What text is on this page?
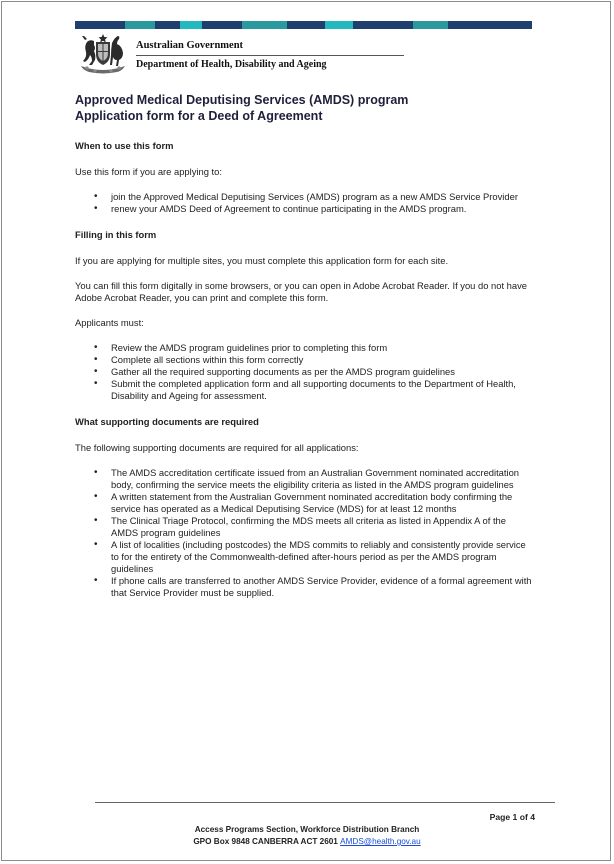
Australian Government
Department of Health, Disability and Ageing
Approved Medical Deputising Services (AMDS) program
Application form for a Deed of Agreement
When to use this form

Use this form if you are applying to:

• join the Approved Medical Deputising Services (AMDS) program as a new AMDS Service Provider
• renew your AMDS Deed of Agreement to continue participating in the AMDS program.
Filling in this form

If you are applying for multiple sites, you must complete this application form for each site.

You can fill this form digitally in some browsers, or you can open in Adobe Acrobat Reader. If you do not have Adobe Acrobat Reader, you can print and complete this form.

Applicants must:

• Review the AMDS program guidelines prior to completing this form
• Complete all sections within this form correctly
• Gather all the required supporting documents as per the AMDS program guidelines
• Submit the completed application form and all supporting documents to the Department of Health, Disability and Ageing for assessment.
What supporting documents are required

The following supporting documents are required for all applications:

• The AMDS accreditation certificate issued from an Australian Government nominated accreditation body, confirming the service meets the eligibility criteria as listed in the AMDS program guidelines
• A written statement from the Australian Government nominated accreditation body confirming the service has operated as a Medical Deputising Service (MDS) for at least 12 months
• The Clinical Triage Protocol, confirming the MDS meets all criteria as listed in Appendix A of the AMDS program guidelines
• A list of localities (including postcodes) the MDS commits to reliably and consistently provide service to for the entirety of the Commonwealth-defined after-hours period as per the AMDS program guidelines
• If phone calls are transferred to another AMDS Service Provider, evidence of a formal agreement with that Service Provider must be supplied.
Page 1 of 4
Access Programs Section, Workforce Distribution Branch
GPO Box 9848 CANBERRA ACT 2601 AMDS@health.gov.au
